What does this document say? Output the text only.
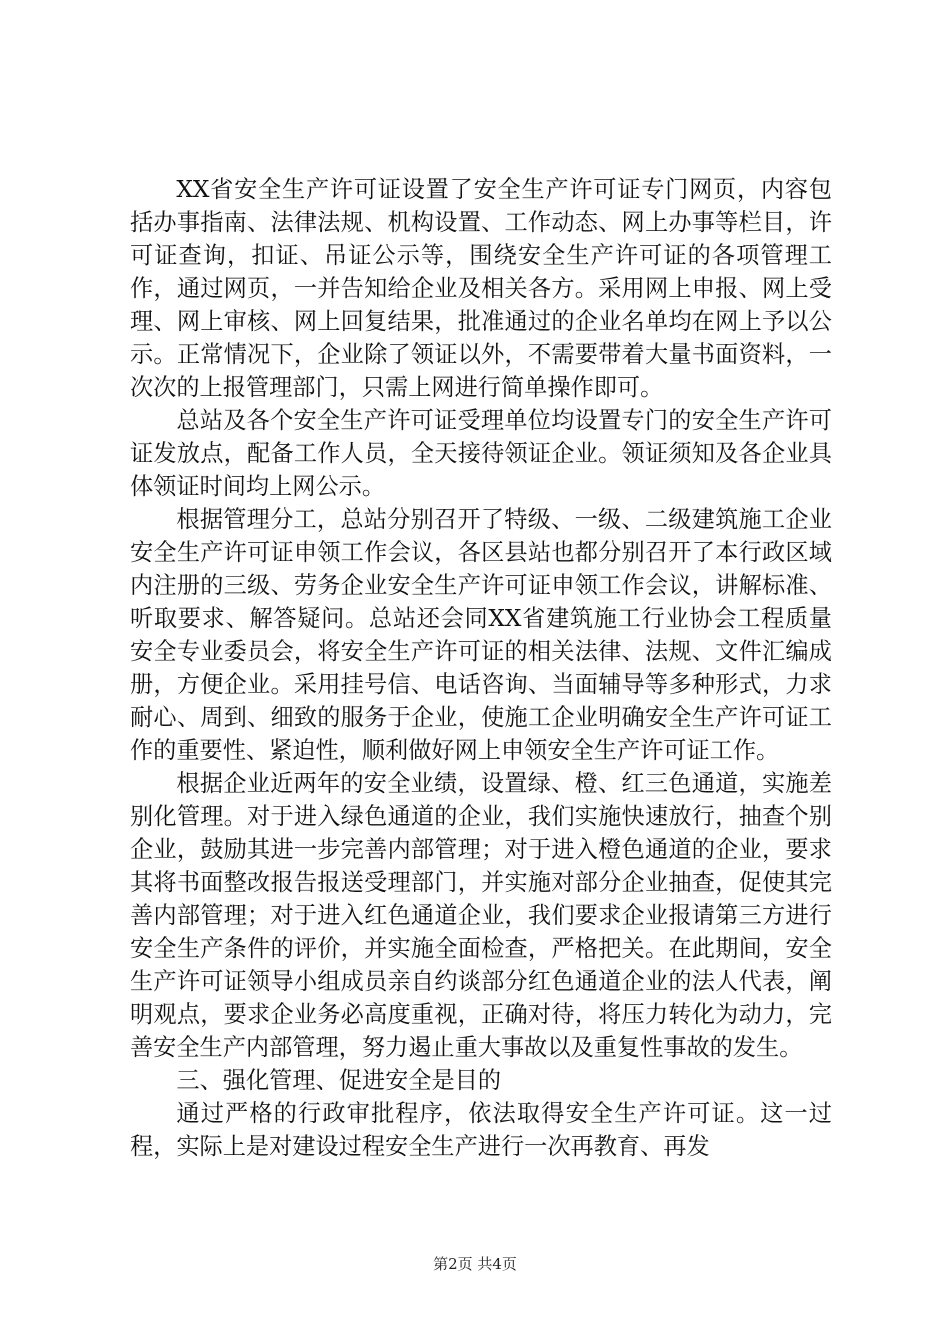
XX省安全生产许可证设置了安全生产许可证专门网页，内容包括办事指南、法律法规、机构设置、工作动态、网上办事等栏目，许可证查询，扣证、吊证公示等，围绕安全生产许可证的各项管理工作，通过网页，一并告知给企业及相关各方。采用网上申报、网上受理、网上审核、网上回复结果，批准通过的企业名单均在网上予以公示。正常情况下，企业除了领证以外，不需要带着大量书面资料，一次次的上报管理部门，只需上网进行简单操作即可。

总站及各个安全生产许可证受理单位均设置专门的安全生产许可证发放点，配备工作人员，全天接待领证企业。领证须知及各企业具体领证时间均上网公示。

根据管理分工，总站分别召开了特级、一级、二级建筑施工企业安全生产许可证申领工作会议，各区县站也都分别召开了本行政区域内注册的三级、劳务企业安全生产许可证申领工作会议，讲解标准、听取要求、解答疑问。总站还会同XX省建筑施工行业协会工程质量安全专业委员会，将安全生产许可证的相关法律、法规、文件汇编成册，方便企业。采用挂号信、电话咨询、当面辅导等多种形式，力求耐心、周到、细致的服务于企业，使施工企业明确安全生产许可证工作的重要性、紧迫性，顺利做好网上申领安全生产许可证工作。

根据企业近两年的安全业绩，设置绿、橙、红三色通道，实施差别化管理。对于进入绿色通道的企业，我们实施快速放行，抽查个别企业，鼓励其进一步完善内部管理；对于进入橙色通道的企业，要求其将书面整改报告报送受理部门，并实施对部分企业抽查，促使其完善内部管理；对于进入红色通道企业，我们要求企业报请第三方进行安全生产条件的评价，并实施全面检查，严格把关。在此期间，安全生产许可证领导小组成员亲自约谈部分红色通道企业的法人代表，阐明观点，要求企业务必高度重视，正确对待，将压力转化为动力，完善安全生产内部管理，努力遏止重大事故以及重复性事故的发生。

三、强化管理、促进安全是目的

通过严格的行政审批程序，依法取得安全生产许可证。这一过程，实际上是对建设过程安全生产进行一次再教育、再发

第2页 共4页
